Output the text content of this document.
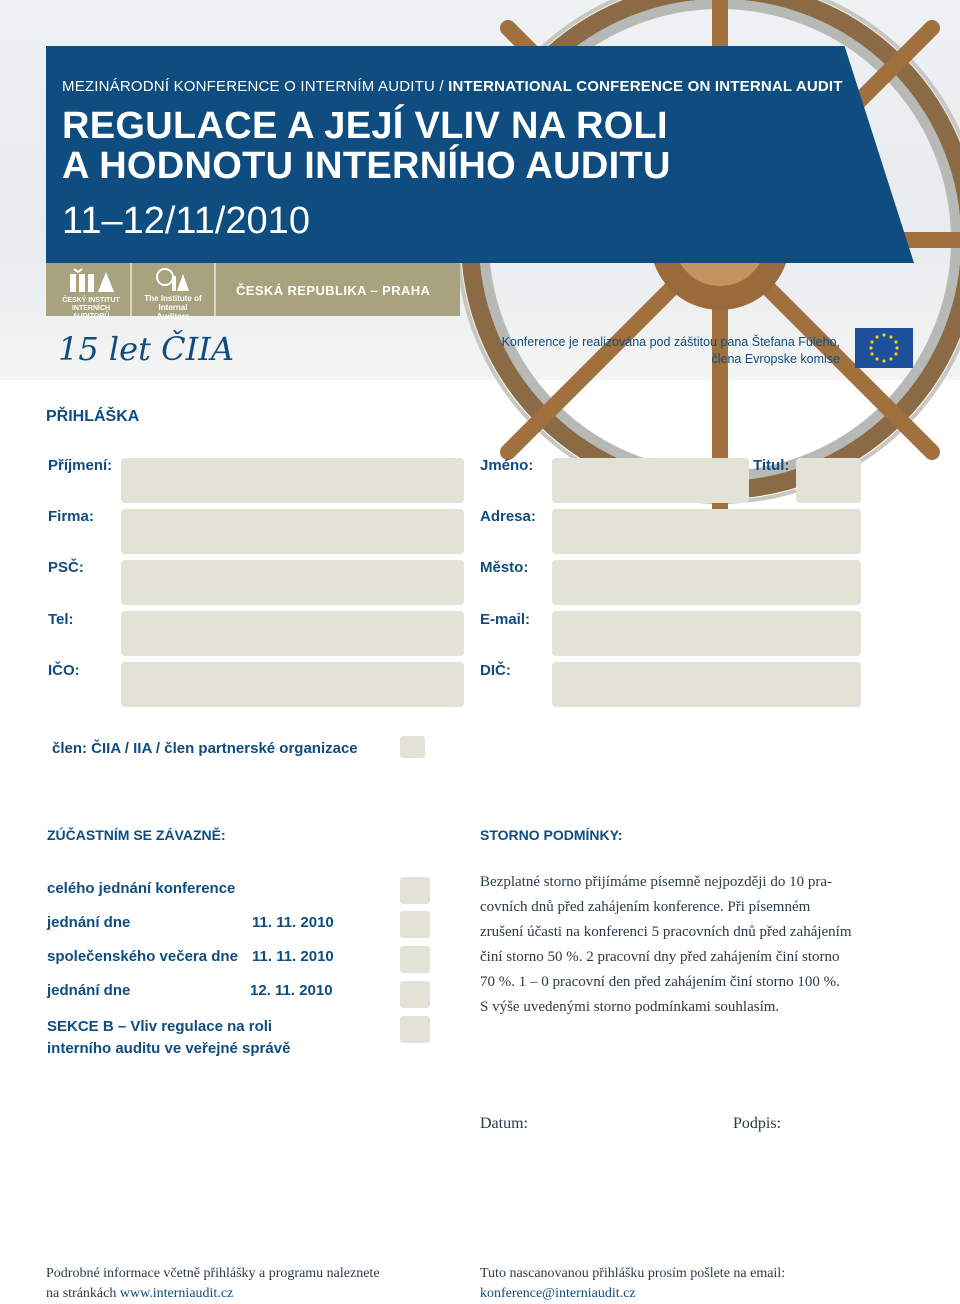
MEZINÁRODNÍ KONFERENCE O INTERNÍM AUDITU / INTERNATIONAL CONFERENCE ON INTERNAL AUDIT
REGULACE A JEJÍ VLIV NA ROLI
A HODNOTU INTERNÍHO AUDITU
11–12/11/2010
ČESKÝ INSTITUT
INTERNÍCH AUDITORŮ
The Institute of
Internal Auditors
ČESKÁ REPUBLIKA – PRAHA
15 let ČIIA	Konference je realizována pod záštitou pana Štefana Füleho,
člena Evropske komise
PŘIHLÁŠKA
Příjmení:	Jméno:	Titul:
Firma:	Adresa:
PSČ:	Město:
Tel:	E-mail:
IČO:	DIČ:
člen: ČIIA / IIA / člen partnerské organizace
ZÚČASTNÍM SE ZÁVAZNĚ:
celého jednání konference
jednání dne	11. 11. 2010
společenského večera dne 11. 11. 2010
jednání dne	12. 11. 2010
SEKCE B – Vliv regulace na roli
interního auditu ve veřejné správě
STORNO PODMÍNKY:
Bezplatné storno přijímáme písemně nejpozději do 10 pra-
covních dnů před zahájením konference. Při písemném
zrušení účasti na konferenci 5 pracovních dnů před zahájením
činí storno 50 %. 2 pracovní dny před zahájením činí storno
70 %. 1 – 0 pracovní den před zahájením činí storno 100 %.
S výše uvedenými storno podmínkami souhlasím.
Datum:	Podpis:
Podrobné informace včetně přihlášky a programu naleznete
na stránkách www.interniaudit.cz
Tuto nascanovanou přihlášku prosím pošlete na email:
konference@interniaudit.cz
